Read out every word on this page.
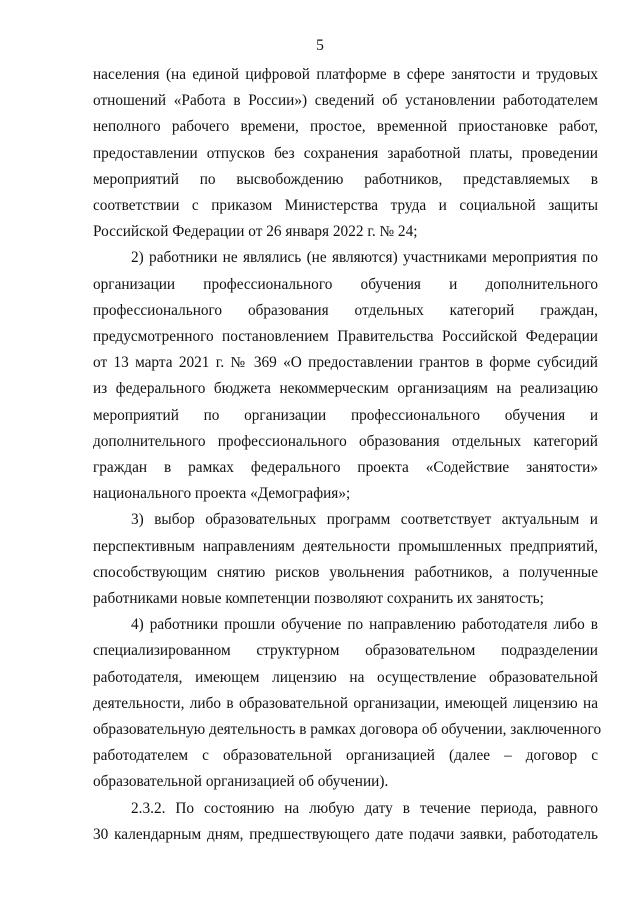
5
населения (на единой цифровой платформе в сфере занятости и трудовых
отношений «Работа в России») сведений об установлении работодателем
неполного рабочего времени, простое, временной приостановке работ,
предоставлении отпусков без сохранения заработной платы, проведении
мероприятий по высвобождению работников, представляемых в
соответствии с приказом Министерства труда и социальной защиты
Российской Федерации от 26 января 2022 г. № 24;
2) работники не являлись (не являются) участниками мероприятия по
организации профессионального обучения и дополнительного
профессионального образования отдельных категорий граждан,
предусмотренного постановлением Правительства Российской Федерации
от 13 марта 2021 г. № 369 «О предоставлении грантов в форме субсидий
из федерального бюджета некоммерческим организациям на реализацию
мероприятий по организации профессионального обучения и
дополнительного профессионального образования отдельных категорий
граждан в рамках федерального проекта «Содействие занятости»
национального проекта «Демография»;
3) выбор образовательных программ соответствует актуальным и
перспективным направлениям деятельности промышленных предприятий,
способствующим снятию рисков увольнения работников, а полученные
работниками новые компетенции позволяют сохранить их занятость;
4) работники прошли обучение по направлению работодателя либо в
специализированном структурном образовательном подразделении
работодателя, имеющем лицензию на осуществление образовательной
деятельности, либо в образовательной организации, имеющей лицензию на
образовательную деятельность в рамках договора об обучении, заключенного
работодателем с образовательной организацией (далее – договор с
образовательной организацией об обучении).
2.3.2. По состоянию на любую дату в течение периода, равного
30 календарным дням, предшествующего дате подачи заявки, работодатель
